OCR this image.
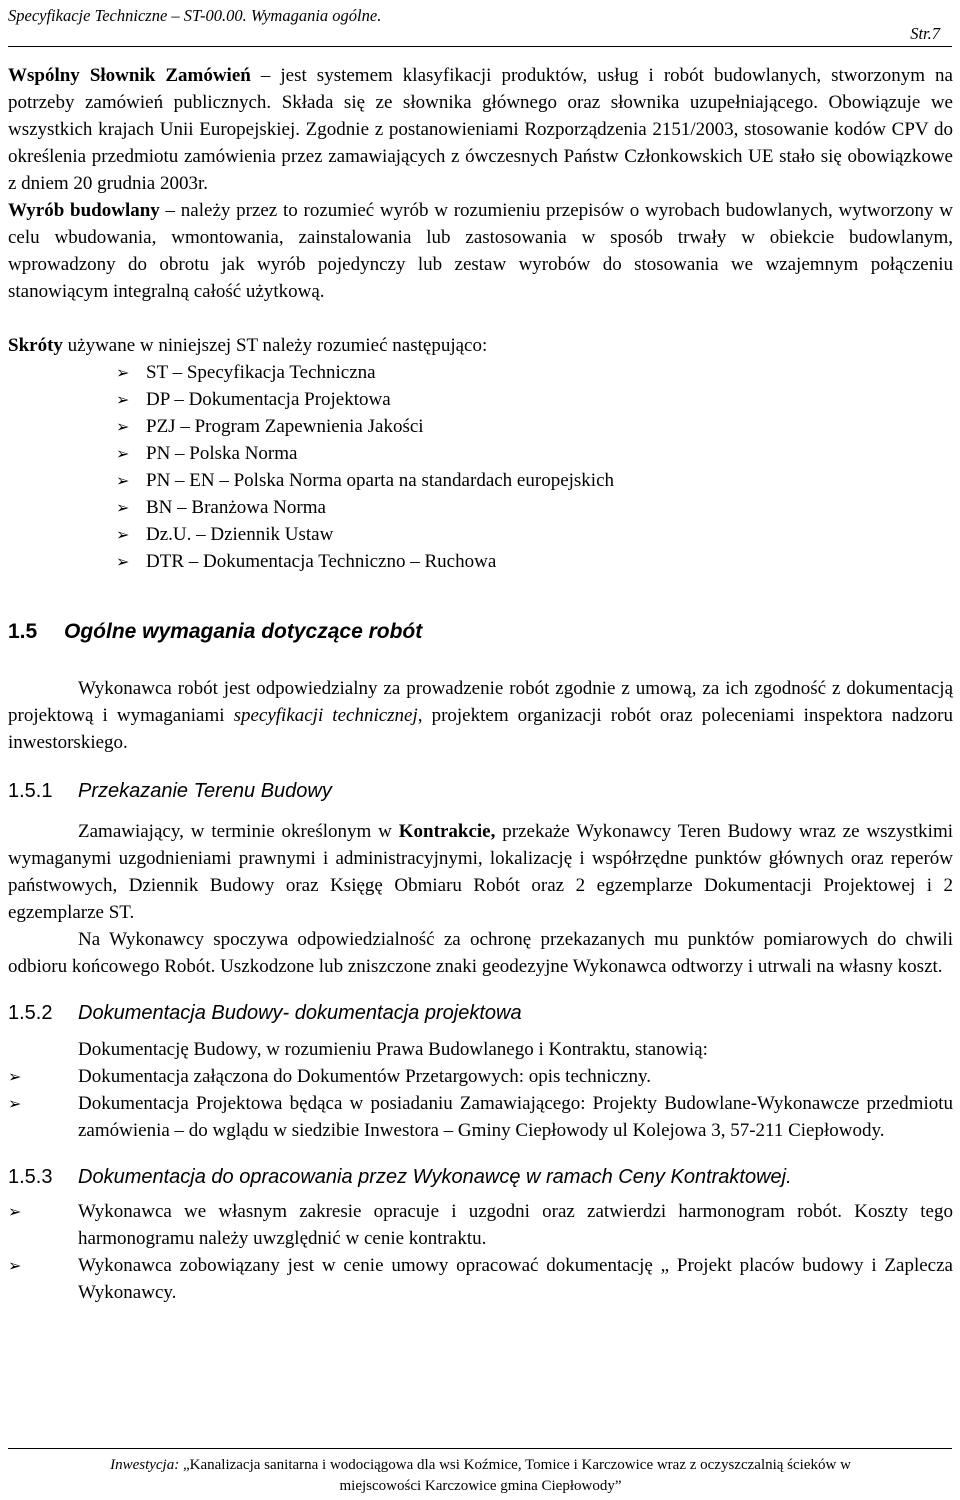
Specyfikacje Techniczne – ST-00.00. Wymagania ogólne.
Str.7

Wspólny Słownik Zamówień – jest systemem klasyfikacji produktów, usług i robót budowlanych, stworzonym na potrzeby zamówień publicznych. Składa się ze słownika głównego oraz słownika uzupełniającego. Obowiązuje we wszystkich krajach Unii Europejskiej. Zgodnie z postanowieniami Rozporządzenia 2151/2003, stosowanie kodów CPV do określenia przedmiotu zamówienia przez zamawiających z ówczesnych Państw Członkowskich UE stało się obowiązkowe z dniem 20 grudnia 2003r.

Wyrób budowlany – należy przez to rozumieć wyrób w rozumieniu przepisów o wyrobach budowlanych, wytworzony w celu wbudowania, wmontowania, zainstalowania lub zastosowania w sposób trwały w obiekcie budowlanym, wprowadzony do obrotu jak wyrób pojedynczy lub zestaw wyrobów do stosowania we wzajemnym połączeniu stanowiącym integralną całość użytkową.

Skróty używane w niniejszej ST należy rozumieć następująco:

➢ ST – Specyfikacja Techniczna
➢ DP – Dokumentacja Projektowa
➢ PZJ – Program Zapewnienia Jakości
➢ PN – Polska Norma
➢ PN – EN – Polska Norma oparta na standardach europejskich
➢ BN – Branżowa Norma
➢ Dz.U. – Dziennik Ustaw
➢ DTR – Dokumentacja Techniczno – Ruchowa
1.5 Ogólne wymagania dotyczące robót

Wykonawca robót jest odpowiedzialny za prowadzenie robót zgodnie z umową, za ich zgodność z dokumentacją projektową i wymaganiami specyfikacji technicznej, projektem organizacji robót oraz poleceniami inspektora nadzoru inwestorskiego.

1.5.1 Przekazanie Terenu Budowy

Zamawiający, w terminie określonym w Kontrakcie, przekaże Wykonawcy Teren Budowy wraz ze wszystkimi wymaganymi uzgodnieniami prawnymi i administracyjnymi, lokalizację i współrzędne punktów głównych oraz reperów państwowych, Dziennik Budowy oraz Księgę Obmiaru Robót oraz 2 egzemplarze Dokumentacji Projektowej i 2 egzemplarze ST.

Na Wykonawcy spoczywa odpowiedzialność za ochronę przekazanych mu punktów pomiarowych do chwili odbioru końcowego Robót. Uszkodzone lub zniszczone znaki geodezyjne Wykonawca odtworzy i utrwali na własny koszt.

1.5.2 Dokumentacja Budowy- dokumentacja projektowa

Dokumentację Budowy, w rozumieniu Prawa Budowlanego i Kontraktu, stanowią:

➢	Dokumentacja załączona do Dokumentów Przetargowych: opis techniczny.
➢	Dokumentacja Projektowa będąca w posiadaniu Zamawiającego: Projekty Budowlane-Wykonawcze przedmiotu zamówienia – do wglądu w siedzibie Inwestora – Gminy Ciepłowody ul Kolejowa 3, 57-211 Ciepłowody.
1.5.3 Dokumentacja do opracowania przez Wykonawcę w ramach Ceny Kontraktowej.
➢	Wykonawca we własnym zakresie opracuje i uzgodni oraz zatwierdzi harmonogram robót. Koszty tego harmonogramu należy uwzględnić w cenie kontraktu.
➢	Wykonawca zobowiązany jest w cenie umowy opracować dokumentację „ Projekt placów budowy i Zaplecza Wykonawcy.
Inwestycja: „Kanalizacja sanitarna i wodociągowa dla wsi Koźmice, Tomice i Karczowice wraz z oczyszczalnią ścieków w
miejscowości Karczowice gmina Ciepłowody”
